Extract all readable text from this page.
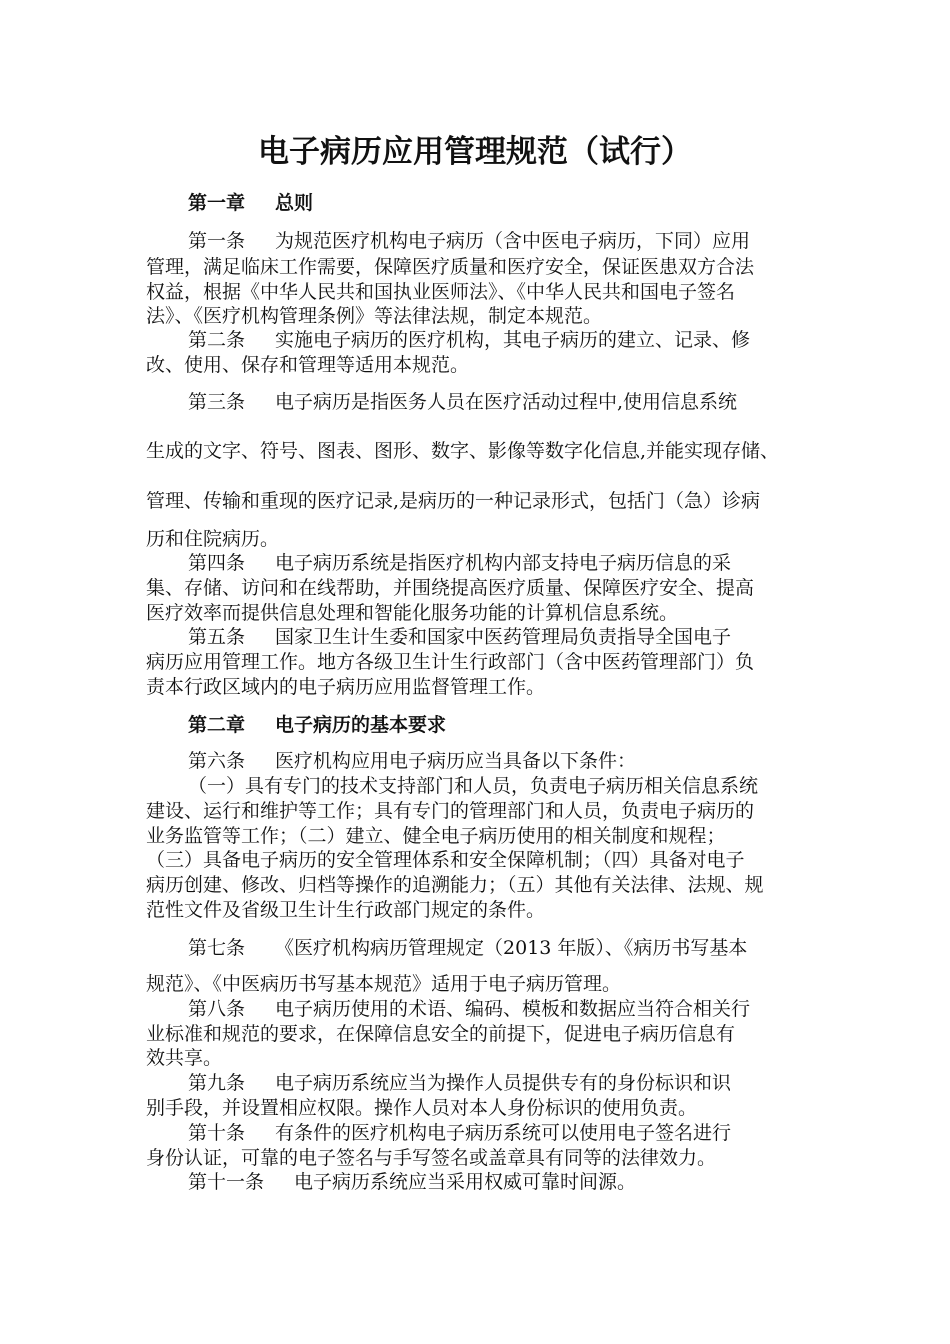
电子病历应用管理规范（试行）
第一章 总则
第一条 为规范医疗机构电子病历（含中医电子病历，下同）应用
管理，满足临床工作需要，保障医疗质量和医疗安全，保证医患双方合法
权益，根据《中华人民共和国执业医师法》、《中华人民共和国电子签名
法》、《医疗机构管理条例》等法律法规，制定本规范。
第二条 实施电子病历的医疗机构，其电子病历的建立、记录、修
改、使用、保存和管理等适用本规范。
第三条 电子病历是指医务人员在医疗活动过程中,使用信息系统
生成的文字、符号、图表、图形、数字、影像等数字化信息,并能实现存储、
管理、传输和重现的医疗记录,是病历的一种记录形式，包括门（急）诊病
历和住院病历。
第四条 电子病历系统是指医疗机构内部支持电子病历信息的采
集、存储、访问和在线帮助，并围绕提高医疗质量、保障医疗安全、提高
医疗效率而提供信息处理和智能化服务功能的计算机信息系统。
第五条 国家卫生计生委和国家中医药管理局负责指导全国电子
病历应用管理工作。地方各级卫生计生行政部门（含中医药管理部门）负
责本行政区域内的电子病历应用监督管理工作。
第二章 电子病历的基本要求
第六条 医疗机构应用电子病历应当具备以下条件：
（一）具有专门的技术支持部门和人员，负责电子病历相关信息系统
建设、运行和维护等工作；具有专门的管理部门和人员，负责电子病历的
业务监管等工作；（二）建立、健全电子病历使用的相关制度和规程；
（三）具备电子病历的安全管理体系和安全保障机制；（四）具备对电子
病历创建、修改、归档等操作的追溯能力；（五）其他有关法律、法规、规
范性文件及省级卫生计生行政部门规定的条件。
第七条 《医疗机构病历管理规定（2013 年版）、《病历书写基本
规范》、《中医病历书写基本规范》适用于电子病历管理。
第八条 电子病历使用的术语、编码、模板和数据应当符合相关行
业标准和规范的要求，在保障信息安全的前提下，促进电子病历信息有
效共享。
第九条 电子病历系统应当为操作人员提供专有的身份标识和识
别手段，并设置相应权限。操作人员对本人身份标识的使用负责。
第十条 有条件的医疗机构电子病历系统可以使用电子签名进行
身份认证，可靠的电子签名与手写签名或盖章具有同等的法律效力。
第十一条 电子病历系统应当采用权威可靠时间源。
